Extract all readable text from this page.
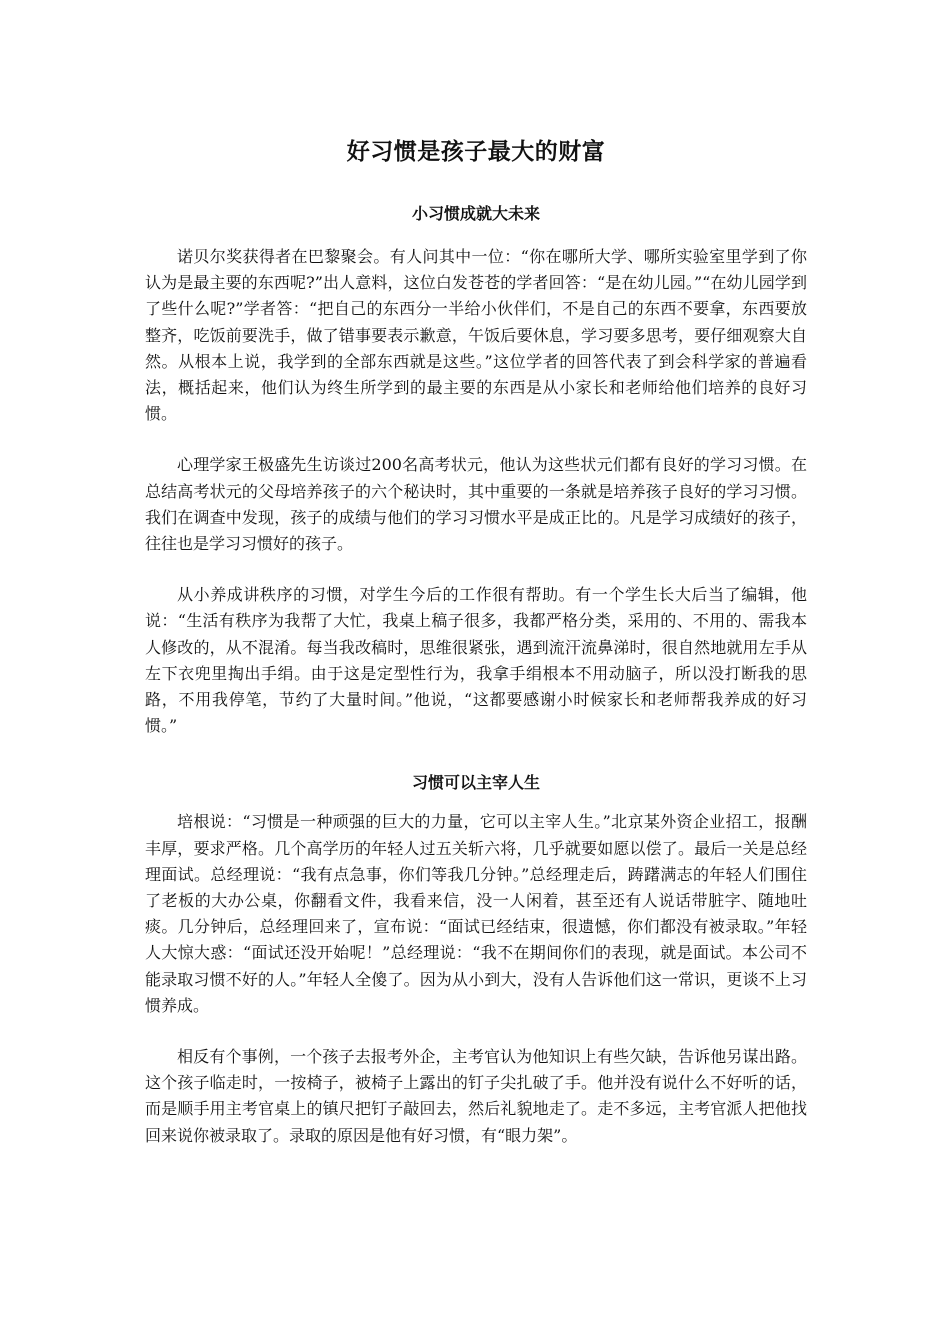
好习惯是孩子最大的财富
小习惯成就大未来

诺贝尔奖获得者在巴黎聚会。有人问其中一位：“你在哪所大学、哪所实验室里学到了你认为是最主要的东西呢?”出人意料，这位白发苍苍的学者回答：“是在幼儿园。”“在幼儿园学到了些什么呢?”学者答：“把自己的东西分一半给小伙伴们，不是自己的东西不要拿，东西要放整齐，吃饭前要洗手，做了错事要表示歉意，午饭后要休息，学习要多思考，要仔细观察大自然。从根本上说，我学到的全部东西就是这些。”这位学者的回答代表了到会科学家的普遍看法，概括起来，他们认为终生所学到的最主要的东西是从小家长和老师给他们培养的良好习惯。

心理学家王极盛先生访谈过200名高考状元，他认为这些状元们都有良好的学习习惯。在总结高考状元的父母培养孩子的六个秘诀时，其中重要的一条就是培养孩子良好的学习习惯。我们在调查中发现，孩子的成绩与他们的学习习惯水平是成正比的。凡是学习成绩好的孩子，往往也是学习习惯好的孩子。

从小养成讲秩序的习惯，对学生今后的工作很有帮助。有一个学生长大后当了编辑，他说：“生活有秩序为我帮了大忙，我桌上稿子很多，我都严格分类，采用的、不用的、需我本人修改的，从不混淆。每当我改稿时，思维很紧张，遇到流汗流鼻涕时，很自然地就用左手从左下衣兜里掏出手绢。由于这是定型性行为，我拿手绢根本不用动脑子，所以没打断我的思路，不用我停笔，节约了大量时间。”他说，“这都要感谢小时候家长和老师帮我养成的好习惯。”

习惯可以主宰人生

培根说：“习惯是一种顽强的巨大的力量，它可以主宰人生。”北京某外资企业招工，报酬丰厚，要求严格。几个高学历的年轻人过五关斩六将，几乎就要如愿以偿了。最后一关是总经理面试。总经理说：“我有点急事，你们等我几分钟。”总经理走后，踌躇满志的年轻人们围住了老板的大办公桌，你翻看文件，我看来信，没一人闲着，甚至还有人说话带脏字、随地吐痰。几分钟后，总经理回来了，宣布说：“面试已经结束，很遗憾，你们都没有被录取。”年轻人大惊大惑：“面试还没开始呢！”总经理说：“我不在期间你们的表现，就是面试。本公司不能录取习惯不好的人。”年轻人全傻了。因为从小到大，没有人告诉他们这一常识，更谈不上习惯养成。

相反有个事例，一个孩子去报考外企，主考官认为他知识上有些欠缺，告诉他另谋出路。这个孩子临走时，一按椅子，被椅子上露出的钉子尖扎破了手。他并没有说什么不好听的话，而是顺手用主考官桌上的镇尺把钉子敲回去，然后礼貌地走了。走不多远，主考官派人把他找回来说你被录取了。录取的原因是他有好习惯，有“眼力架”。
